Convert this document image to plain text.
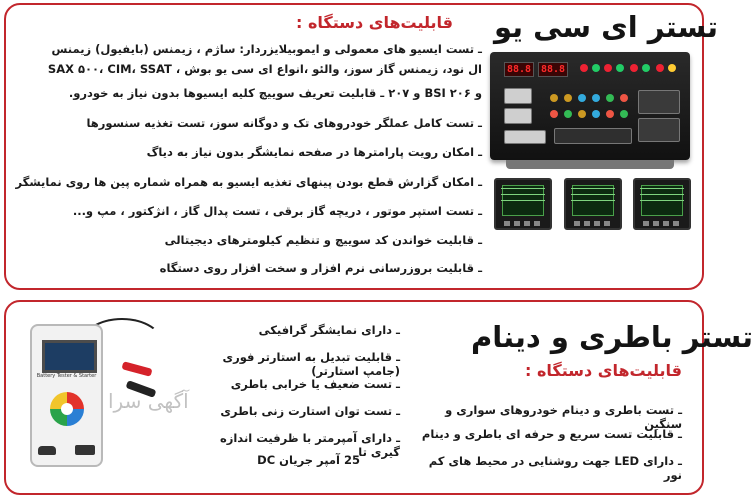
تستر ای سی یو
قابلیت‌های دستگاه :
ـ تست ایسیو های معمولی و ایموبیلایزردار: ساژم ، زیمنس (بایفیول) زیمنس
ال نود، زیمنس گاز سوز، والئو ،انواع ای سی یو بوش ، SAX ۵۰۰، CIM، SSAT
و BSI ۲۰۶ و ۲۰۷ ـ قابلیت تعریف سوییچ کلیه ایسیوها بدون نیاز به خودرو.
ـ تست کامل عملگر خودروهای تک و دوگانه سوز، تست تغذیه سنسورها
ـ امکان رویت پارامترها در صفحه نمایشگر بدون نیاز به دیاگ
ـ امکان گزارش قطع بودن پینهای تغذیه ایسیو به همراه شماره پین ها روی نمایشگر
ـ تست استپر موتور ، دریچه گاز برقی ، تست پدال گاز ، انژکتور ، مپ و...
ـ قابلیت خواندن کد سوییچ و تنظیم کیلومترهای دیجیتالی
ـ قابلیت بروزرسانی نرم افزار و سخت افزار روی دستگاه
88.8 88.8
تستر باطری و دینام
قابلیت‌های دستگاه :
ـ تست باطری و دینام خودروهای سواری و سنگین
ـ قابلیت تست سریع و حرفه ای باطری و دینام
ـ دارای LED جهت روشنایی در محیط های کم نور
ـ دارای نمایشگر گرافیکی
ـ قابلیت تبدیل به استارتر فوری (جامپ استارتر)
ـ تست ضعیف یا خرابی باطری
ـ تست توان استارت زنی باطری
ـ دارای آمپرمتر با ظرفیت اندازه گیری تا
25 آمپر جریان DC
Battery Tester & Starter
آگهی سرا
